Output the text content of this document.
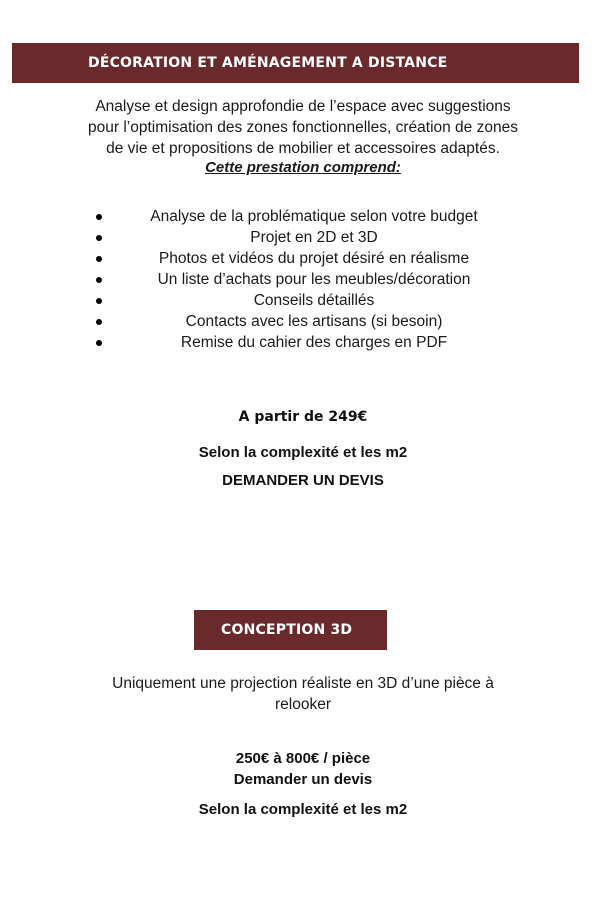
DÉCORATION ET AMÉNAGEMENT A DISTANCE
Analyse et design approfondie de l’espace avec suggestions
pour l’optimisation des zones fonctionnelles, création de zones
de vie et propositions de mobilier et accessoires adaptés.
Cette prestation comprend:
Analyse de la problématique selon votre budget
Projet en 2D et 3D
Photos et vidéos du projet désiré en réalisme
Un liste d’achats pour les meubles/décoration
Conseils détaillés
Contacts avec les artisans (si besoin)
Remise du cahier des charges en PDF
A partir de 249€
Selon la complexité et les m2
DEMANDER UN DEVIS
CONCEPTION 3D
Uniquement une projection réaliste en 3D d’une pièce à
relooker
250€ à 800€ / pièce
Demander un devis
Selon la complexité et les m2
